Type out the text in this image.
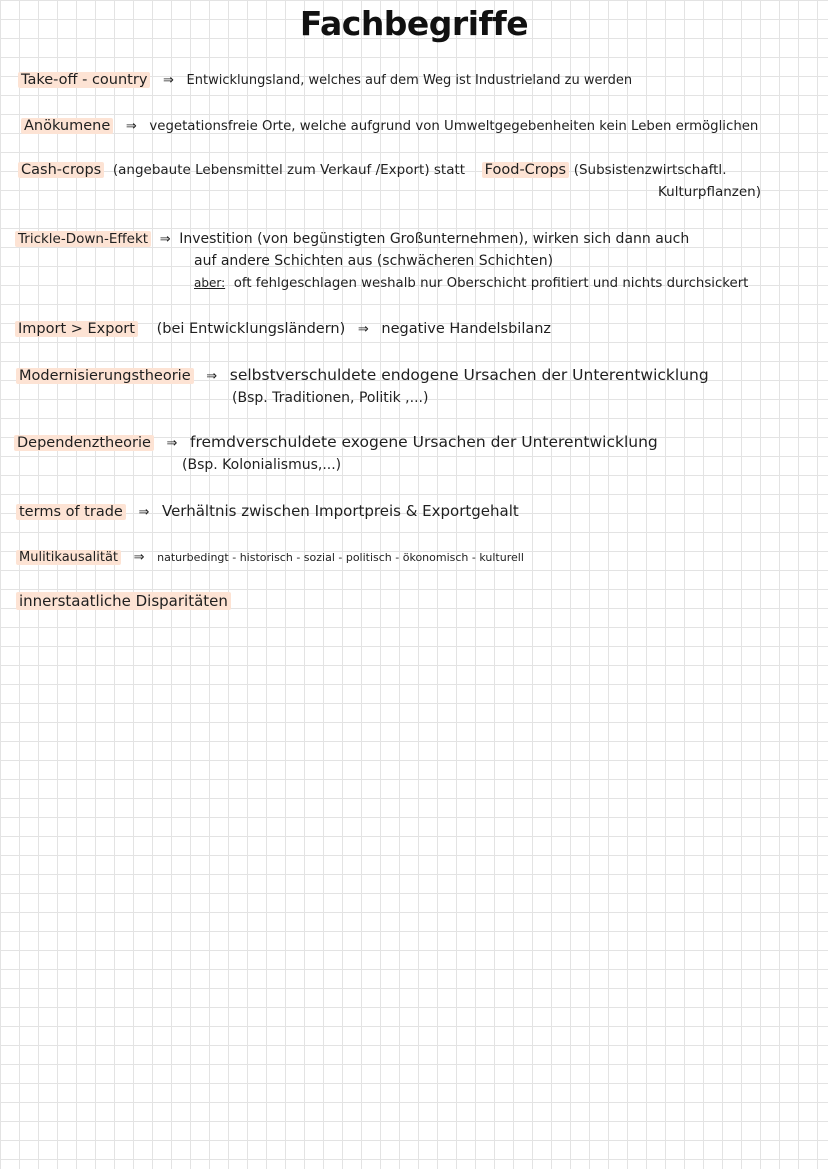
Fachbegriffe
Take-off - country ⇒ Entwicklungsland, welches auf dem Weg ist Industrieland zu werden
Anökumene ⇒ vegetationsfreie Orte, welche aufgrund von Umweltgegebenheiten kein Leben ermöglichen
Cash-crops (angebaute Lebensmittel zum Verkauf /Export) statt Food-Crops (Subsistenzwirtschaftl.
Kulturpflanzen)
Trickle-Down-Effekt ⇒ Investition (von begünstigten Großunternehmen), wirken sich dann auch
auf andere Schichten aus (schwächeren Schichten)
aber: oft fehlgeschlagen weshalb nur Oberschicht profitiert und nichts durchsickert
Import > Export (bei Entwicklungsländern) ⇒ negative Handelsbilanz
Modernisierungstheorie ⇒ selbstverschuldete endogene Ursachen der Unterentwicklung
(Bsp. Traditionen, Politik ,...)
Dependenztheorie ⇒ fremdverschuldete exogene Ursachen der Unterentwicklung
(Bsp. Kolonialismus,...)
terms of trade ⇒ Verhältnis zwischen Importpreis & Exportgehalt
Mulitikausalität ⇒ naturbedingt - historisch - sozial - politisch - ökonomisch - kulturell
innerstaatliche Disparitäten
